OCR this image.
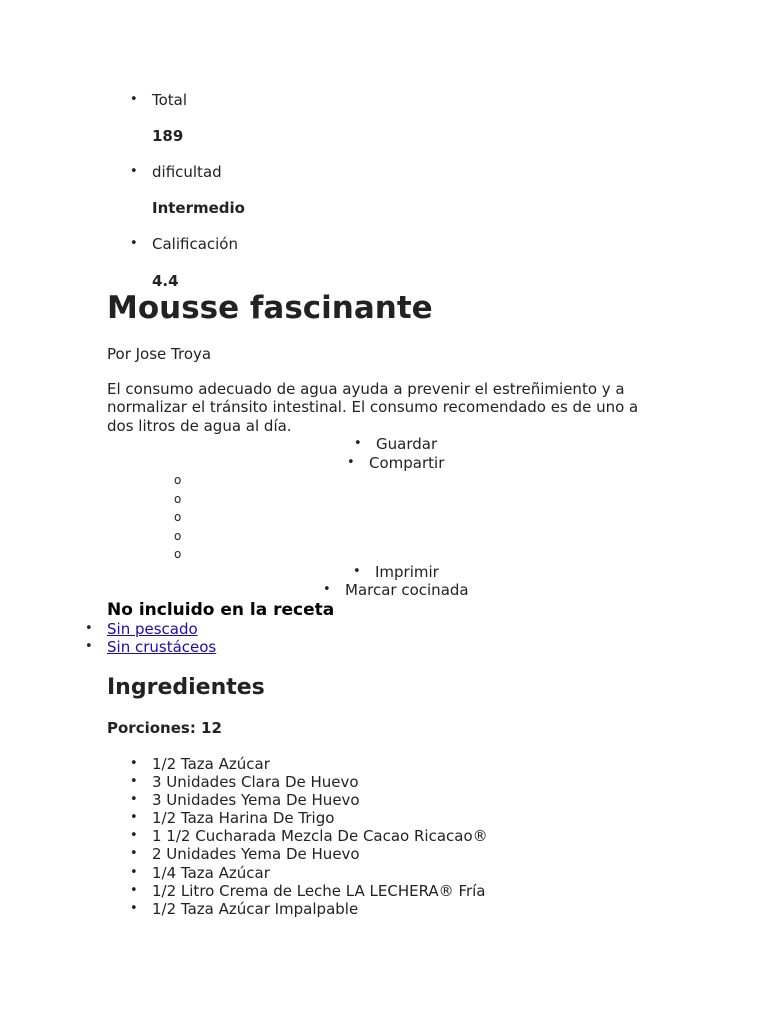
• Total
189
• dificultad
Intermedio
• Calificación
4.4
Mousse fascinante
Por Jose Troya

El consumo adecuado de agua ayuda a prevenir el estreñimiento y a normalizar el tránsito intestinal. El consumo recomendado es de uno a dos litros de agua al día.

• Guardar
• Compartir
o
o
o
o
o
• Imprimir
• Marcar cocinada
No incluido en la receta
• Sin pescado
• Sin crustáceos
Ingredientes
Porciones: 12
• 1/2 Taza Azúcar
• 3 Unidades Clara De Huevo
• 3 Unidades Yema De Huevo
• 1/2 Taza Harina De Trigo
• 1 1/2 Cucharada Mezcla De Cacao Ricacao®
• 2 Unidades Yema De Huevo
• 1/4 Taza Azúcar
• 1/2 Litro Crema de Leche LA LECHERA® Fría
• 1/2 Taza Azúcar Impalpable
